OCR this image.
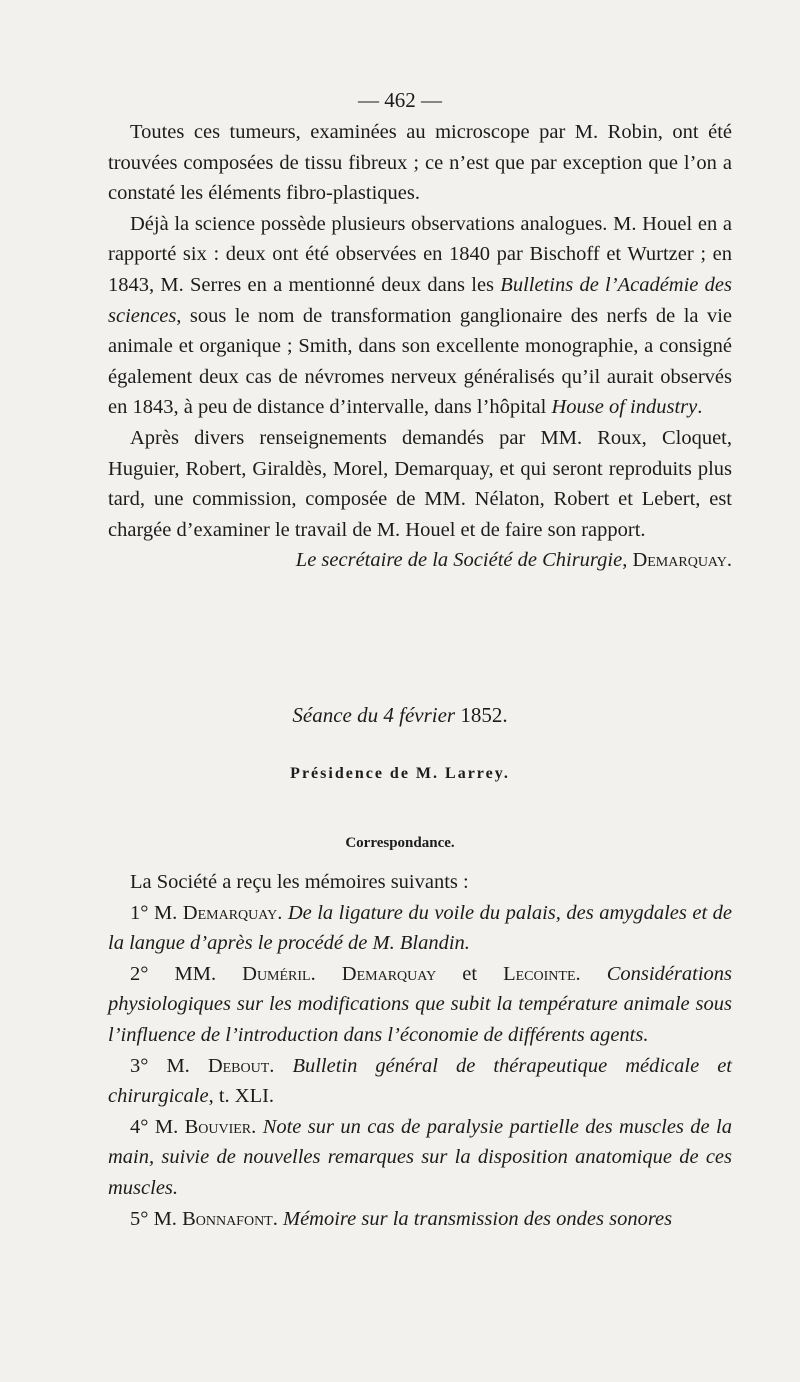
— 462 —

Toutes ces tumeurs, examinées au microscope par M. Robin, ont été trouvées composées de tissu fibreux ; ce n’est que par exception que l’on a constaté les éléments fibro-plastiques.

Déjà la science possède plusieurs observations analogues. M. Houel en a rapporté six : deux ont été observées en 1840 par Bischoff et Wurtzer ; en 1843, M. Serres en a mentionné deux dans les Bulletins de l’Académie des sciences, sous le nom de transformation ganglionaire des nerfs de la vie animale et organique ; Smith, dans son excellente monographie, a consigné également deux cas de névromes nerveux généralisés qu’il aurait observés en 1843, à peu de distance d’intervalle, dans l’hôpital House of industry.

Après divers renseignements demandés par MM. Roux, Cloquet, Huguier, Robert, Giraldès, Morel, Demarquay, et qui seront reproduits plus tard, une commission, composée de MM. Nélaton, Robert et Lebert, est chargée d’examiner le travail de M. Houel et de faire son rapport.

Le secrétaire de la Société de Chirurgie, Demarquay.

Séance du 4 février 1852.
Présidence de M. Larrey.
Correspondance.

La Société a reçu les mémoires suivants :

1° M. Demarquay. De la ligature du voile du palais, des amygdales et de la langue d’après le procédé de M. Blandin.

2° MM. Duméril. Demarquay et Lecointe. Considérations physiologiques sur les modifications que subit la température animale sous l’influence de l’introduction dans l’économie de différents agents.

3° M. Debout. Bulletin général de thérapeutique médicale et chirurgicale, t. XLI.

4° M. Bouvier. Note sur un cas de paralysie partielle des muscles de la main, suivie de nouvelles remarques sur la disposition anatomique de ces muscles.

5° M. Bonnafont. Mémoire sur la transmission des ondes sonores
